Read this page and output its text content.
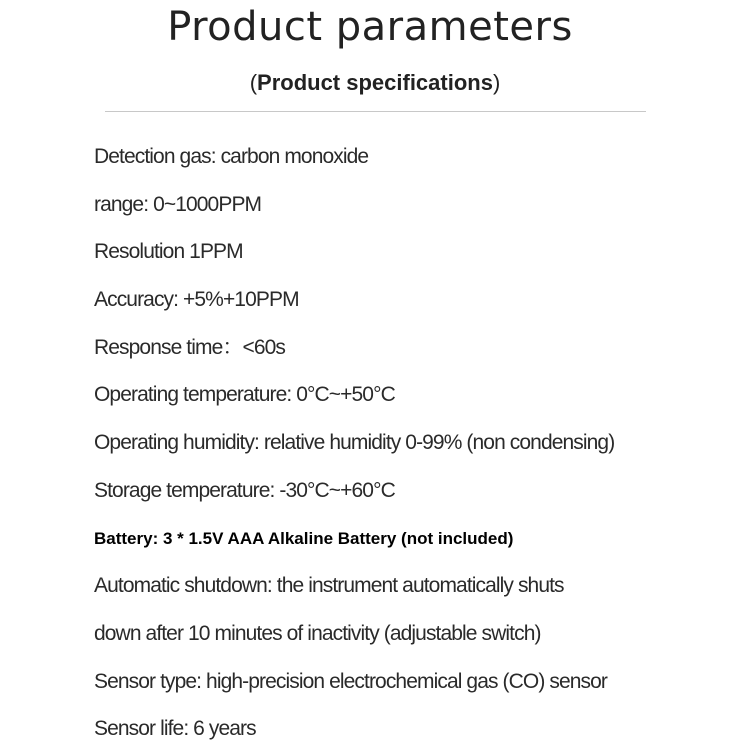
Product parameters
(Product specifications)
Detection gas: carbon monoxide
range: 0~1000PPM
Resolution 1PPM
Accuracy: +5%+10PPM
Response time：<60s
Operating temperature: 0°C~+50°C
Operating humidity: relative humidity 0-99% (non condensing)
Storage temperature: -30°C~+60°C
Battery: 3 * 1.5V AAA Alkaline Battery (not included)
Automatic shutdown: the instrument automatically shuts
down after 10 minutes of inactivity (adjustable switch)
Sensor type: high-precision electrochemical gas (CO) sensor
Sensor life: 6 years
